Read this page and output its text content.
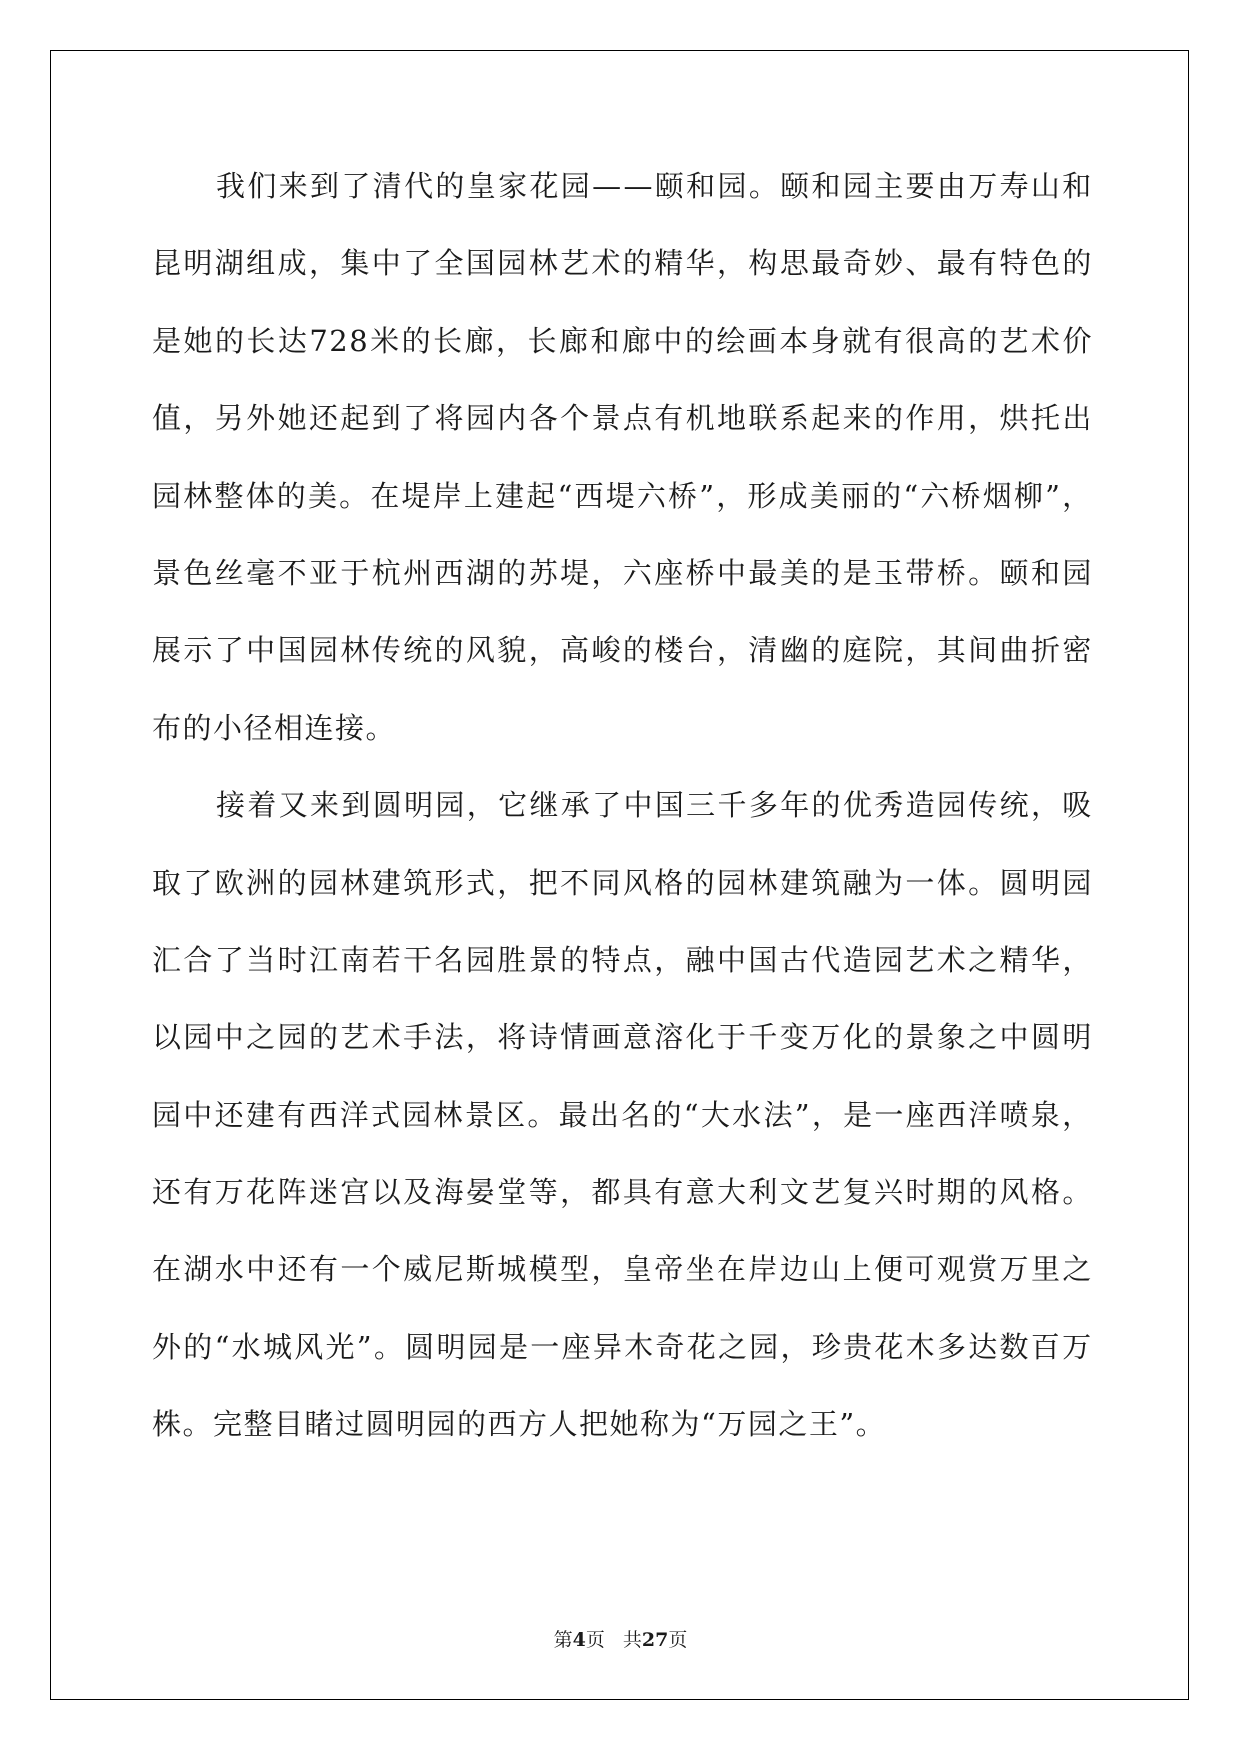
我 们 来 到 了 清 代 的 皇 家 花 园 — — 颐 和 园 。 颐 和 园 主 要 由 万 寿 山 和
昆 明 湖 组 成 ， 集 中 了 全 国 园 林 艺 术 的 精 华 ， 构 思 最 奇 妙 、 最 有 特 色 的
是 她 的 长 达 728 米 的 长 廊 ， 长 廊 和 廊 中 的 绘 画 本 身 就 有 很 高 的 艺 术 价
值 ， 另 外 她 还 起 到 了 将 园 内 各 个 景 点 有 机 地 联 系 起 来 的 作 用 ， 烘 托 出
园 林 整 体 的 美 。 在 堤 岸 上 建 起 “ 西 堤 六 桥 ” ， 形 成 美 丽 的 “ 六 桥 烟 柳 ” ，
景 色 丝 毫 不 亚 于 杭 州 西 湖 的 苏 堤 ， 六 座 桥 中 最 美 的 是 玉 带 桥 。 颐 和 园
展 示 了 中 国 园 林 传 统 的 风 貌 ， 高 峻 的 楼 台 ， 清 幽 的 庭 院 ， 其 间 曲 折 密
布的小径相连接。
接 着 又 来 到 圆 明 园 ， 它 继 承 了 中 国 三 千 多 年 的 优 秀 造 园 传 统 ， 吸
取 了 欧 洲 的 园 林 建 筑 形 式 ， 把 不 同 风 格 的 园 林 建 筑 融 为 一 体 。 圆 明 园
汇 合 了 当 时 江 南 若 干 名 园 胜 景 的 特 点 ， 融 中 国 古 代 造 园 艺 术 之 精 华 ，
以 园 中 之 园 的 艺 术 手 法 ， 将 诗 情 画 意 溶 化 于 千 变 万 化 的 景 象 之 中 圆 明
园 中 还 建 有 西 洋 式 园 林 景 区 。 最 出 名 的 “ 大 水 法 ” ， 是 一 座 西 洋 喷 泉 ，
还 有 万 花 阵 迷 宫 以 及 海 晏 堂 等 ， 都 具 有 意 大 利 文 艺 复 兴 时 期 的 风 格 。
在 湖 水 中 还 有 一 个 威 尼 斯 城 模 型 ， 皇 帝 坐 在 岸 边 山 上 便 可 观 赏 万 里 之
外 的 “ 水 城 风 光 ” 。 圆 明 园 是 一 座 异 木 奇 花 之 园 ， 珍 贵 花 木 多 达 数 百 万
株。完整目睹过圆明园的西方人把她称为“万园之王”。
第4页 共27页
